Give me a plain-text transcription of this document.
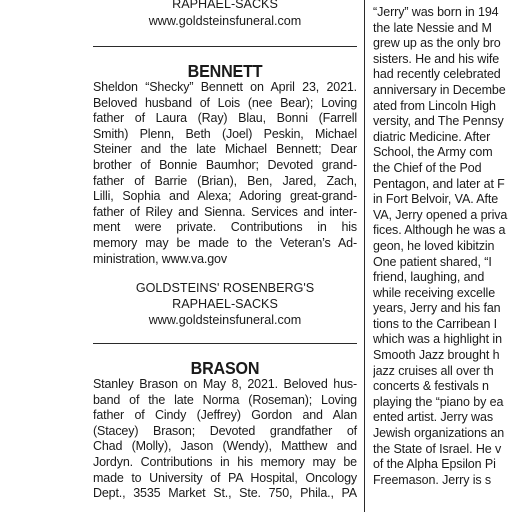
RAPHAEL-SACKS
www.goldsteinsfuneral.com
BENNETT
Sheldon “Shecky” Bennett on April 23, 2021.
Beloved husband of Lois (nee Bear); Loving
father of Laura (Ray) Blau, Bonni (Farrell
Smith) Plenn, Beth (Joel) Peskin, Michael
Steiner and the late Michael Bennett; Dear
brother of Bonnie Baumhor; Devoted grand-
father of Barrie (Brian), Ben, Jared, Zach,
Lilli, Sophia and Alexa; Adoring great-grand-
father of Riley and Sienna. Services and inter-
ment were private. Contributions in his
memory may be made to the Veteran’s Ad-
ministration, www.va.gov
GOLDSTEINS' ROSENBERG'S
RAPHAEL-SACKS
www.goldsteinsfuneral.com
BRASON
Stanley Brason on May 8, 2021. Beloved hus-
band of the late Norma (Roseman); Loving
father of Cindy (Jeffrey) Gordon and Alan
(Stacey) Brason; Devoted grandfather of
Chad (Molly), Jason (Wendy), Matthew and
Jordyn. Contributions in his memory may be
made to University of PA Hospital, Oncology
Dept., 3535 Market St., Ste. 750, Phila., PA
“Jerry” was born in 194
the late Nessie and M
grew up as the only bro
sisters. He and his wife
had recently celebrated
anniversary in Decembe
ated from Lincoln High
versity, and The Pennsy
diatric Medicine. After
School, the Army com
the Chief of the Pod
Pentagon, and later at F
in Fort Belvoir, VA. Afte
VA, Jerry opened a priva
fices. Although he was a
geon, he loved kibitzin
One patient shared, “I
friend, laughing, and
while receiving excelle
years, Jerry and his fan
tions to the Carribean I
which was a highlight in
Smooth Jazz brought h
jazz cruises all over th
concerts & festivals n
playing the “piano by ea
ented artist. Jerry was
Jewish organizations an
the State of Israel. He v
of the Alpha Epsilon Pi
Freemason. Jerry is s
